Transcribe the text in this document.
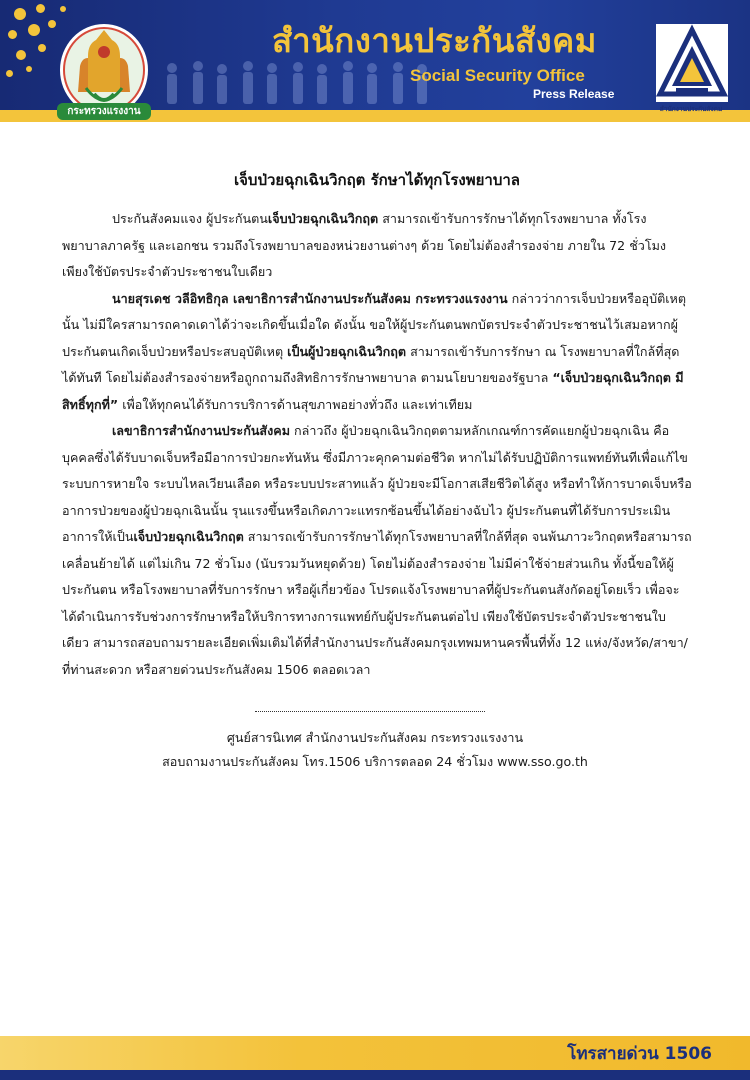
กระทรวงแรงงาน
สำนักงานประกันสังคม
Social Security Office
Press Release
สำนักงานประกันสังคม

เจ็บป่วยฉุกเฉินวิกฤต รักษาได้ทุกโรงพยาบาล

ประกันสังคมแจง ผู้ประกันตนเจ็บป่วยฉุกเฉินวิกฤต สามารถเข้ารับการรักษาได้ทุกโรงพยาบาล ทั้งโรงพยาบาลภาครัฐ และเอกชน รวมถึงโรงพยาบาลของหน่วยงานต่างๆ ด้วย โดยไม่ต้องสำรองจ่าย ภายใน 72 ชั่วโมง เพียงใช้บัตรประจำตัวประชาชนใบเดียว

นายสุรเดช วลีอิทธิกุล เลขาธิการสำนักงานประกันสังคม กระทรวงแรงงาน กล่าวว่าการเจ็บป่วยหรืออุบัติเหตุนั้น ไม่มีใครสามารถคาดเดาได้ว่าจะเกิดขึ้นเมื่อใด ดังนั้น ขอให้ผู้ประกันตนพกบัตรประจำตัวประชาชนไว้เสมอหากผู้ประกันตนเกิดเจ็บป่วยหรือประสบอุบัติเหตุ เป็นผู้ป่วยฉุกเฉินวิกฤต สามารถเข้ารับการรักษา ณ โรงพยาบาลที่ใกล้ที่สุดได้ทันที โดยไม่ต้องสำรองจ่ายหรือถูกถามถึงสิทธิการรักษาพยาบาล ตามนโยบายของรัฐบาล “เจ็บป่วยฉุกเฉินวิกฤต มีสิทธิ์ทุกที่” เพื่อให้ทุกคนได้รับการบริการด้านสุขภาพอย่างทั่วถึง และเท่าเทียม

เลขาธิการสำนักงานประกันสังคม กล่าวถึง ผู้ป่วยฉุกเฉินวิกฤตตามหลักเกณฑ์การคัดแยกผู้ป่วยฉุกเฉิน คือ บุคคลซึ่งได้รับบาดเจ็บหรือมีอาการป่วยกะทันหัน ซึ่งมีภาวะคุกคามต่อชีวิต หากไม่ได้รับปฏิบัติการแพทย์ทันทีเพื่อแก้ไขระบบการหายใจ ระบบไหลเวียนเลือด หรือระบบประสาทแล้ว ผู้ป่วยจะมีโอกาสเสียชีวิตได้สูง หรือทำให้การบาดเจ็บหรืออาการป่วยของผู้ป่วยฉุกเฉินนั้น รุนแรงขึ้นหรือเกิดภาวะแทรกซ้อนขึ้นได้อย่างฉับไว ผู้ประกันตนที่ได้รับการประเมินอาการให้เป็นเจ็บป่วยฉุกเฉินวิกฤต สามารถเข้ารับการรักษาได้ทุกโรงพยาบาลที่ใกล้ที่สุด จนพ้นภาวะวิกฤตหรือสามารถเคลื่อนย้ายได้ แต่ไม่เกิน 72 ชั่วโมง (นับรวมวันหยุดด้วย) โดยไม่ต้องสำรองจ่าย ไม่มีค่าใช้จ่ายส่วนเกิน ทั้งนี้ขอให้ผู้ประกันตน หรือโรงพยาบาลที่รับการรักษา หรือผู้เกี่ยวข้อง โปรดแจ้งโรงพยาบาลที่ผู้ประกันตนสังกัดอยู่โดยเร็ว เพื่อจะได้ดำเนินการรับช่วงการรักษาหรือให้บริการทางการแพทย์กับผู้ประกันตนต่อไป เพียงใช้บัตรประจำตัวประชาชนใบเดียว สามารถสอบถามรายละเอียดเพิ่มเติมได้ที่สำนักงานประกันสังคมกรุงเทพมหานครพื้นที่ทั้ง 12 แห่ง/จังหวัด/สาขา/ที่ท่านสะดวก หรือสายด่วนประกันสังคม 1506 ตลอดเวลา

ศูนย์สารนิเทศ สำนักงานประกันสังคม กระทรวงแรงงาน
สอบถามงานประกันสังคม โทร.1506 บริการตลอด 24 ชั่วโมง www.sso.go.th
โทรสายด่วน 1506
